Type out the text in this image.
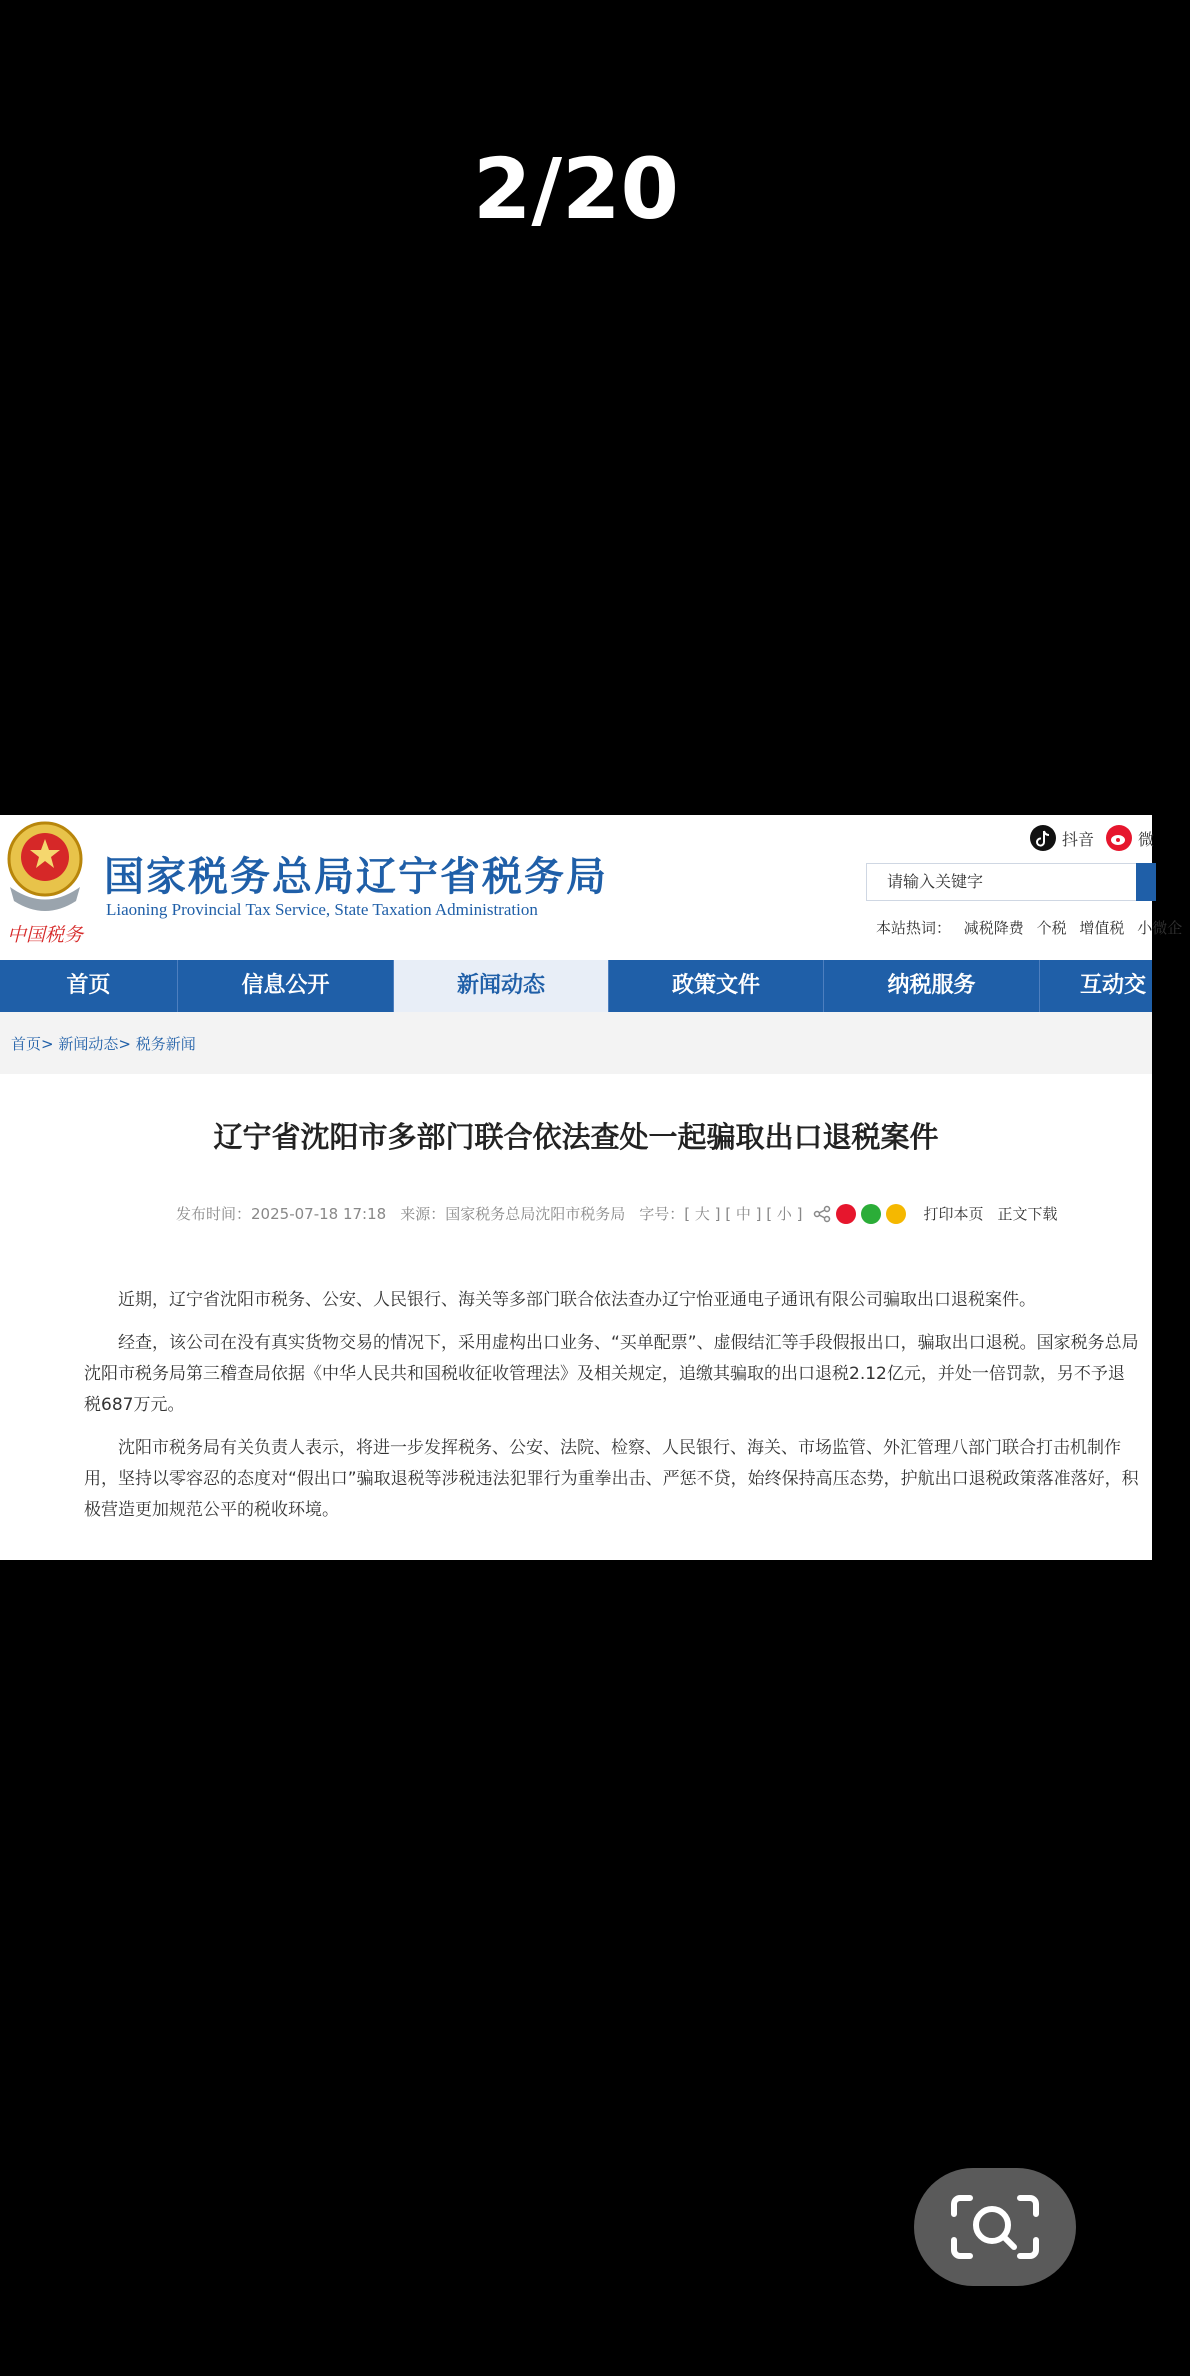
2/20
中国税务
国家税务总局辽宁省税务局
Liaoning Provincial Tax Service, State Taxation Administration
抖音	微
请输入关键字
本站热词： 减税降费 个税 增值税 小微企
首页	信息公开	新闻动态	政策文件	纳税服务	互动交
首页> 新闻动态> 税务新闻
辽宁省沈阳市多部门联合依法查处一起骗取出口退税案件
发布时间： 2025-07-18 17:18 来源： 国家税务总局沈阳市税务局 字号： [ 大 ] [ 中 ] [ 小 ]	打印本页 正文下载

近期，辽宁省沈阳市税务、公安、人民银行、海关等多部门联合依法查办辽宁怡亚通电子通讯有限公司骗取出口退税案件。

经查，该公司在没有真实货物交易的情况下，采用虚构出口业务、“买单配票”、虚假结汇等手段假报出口，骗取出口退税。国家税务总局沈阳市税务局第三稽查局依据《中华人民共和国税收征收管理法》及相关规定，追缴其骗取的出口退税2.12亿元，并处一倍罚款，另不予退税687万元。

沈阳市税务局有关负责人表示，将进一步发挥税务、公安、法院、检察、人民银行、海关、市场监管、外汇管理八部门联合打击机制作用，坚持以零容忍的态度对“假出口”骗取退税等涉税违法犯罪行为重拳出击、严惩不贷，始终保持高压态势，护航出口退税政策落准落好，积极营造更加规范公平的税收环境。
